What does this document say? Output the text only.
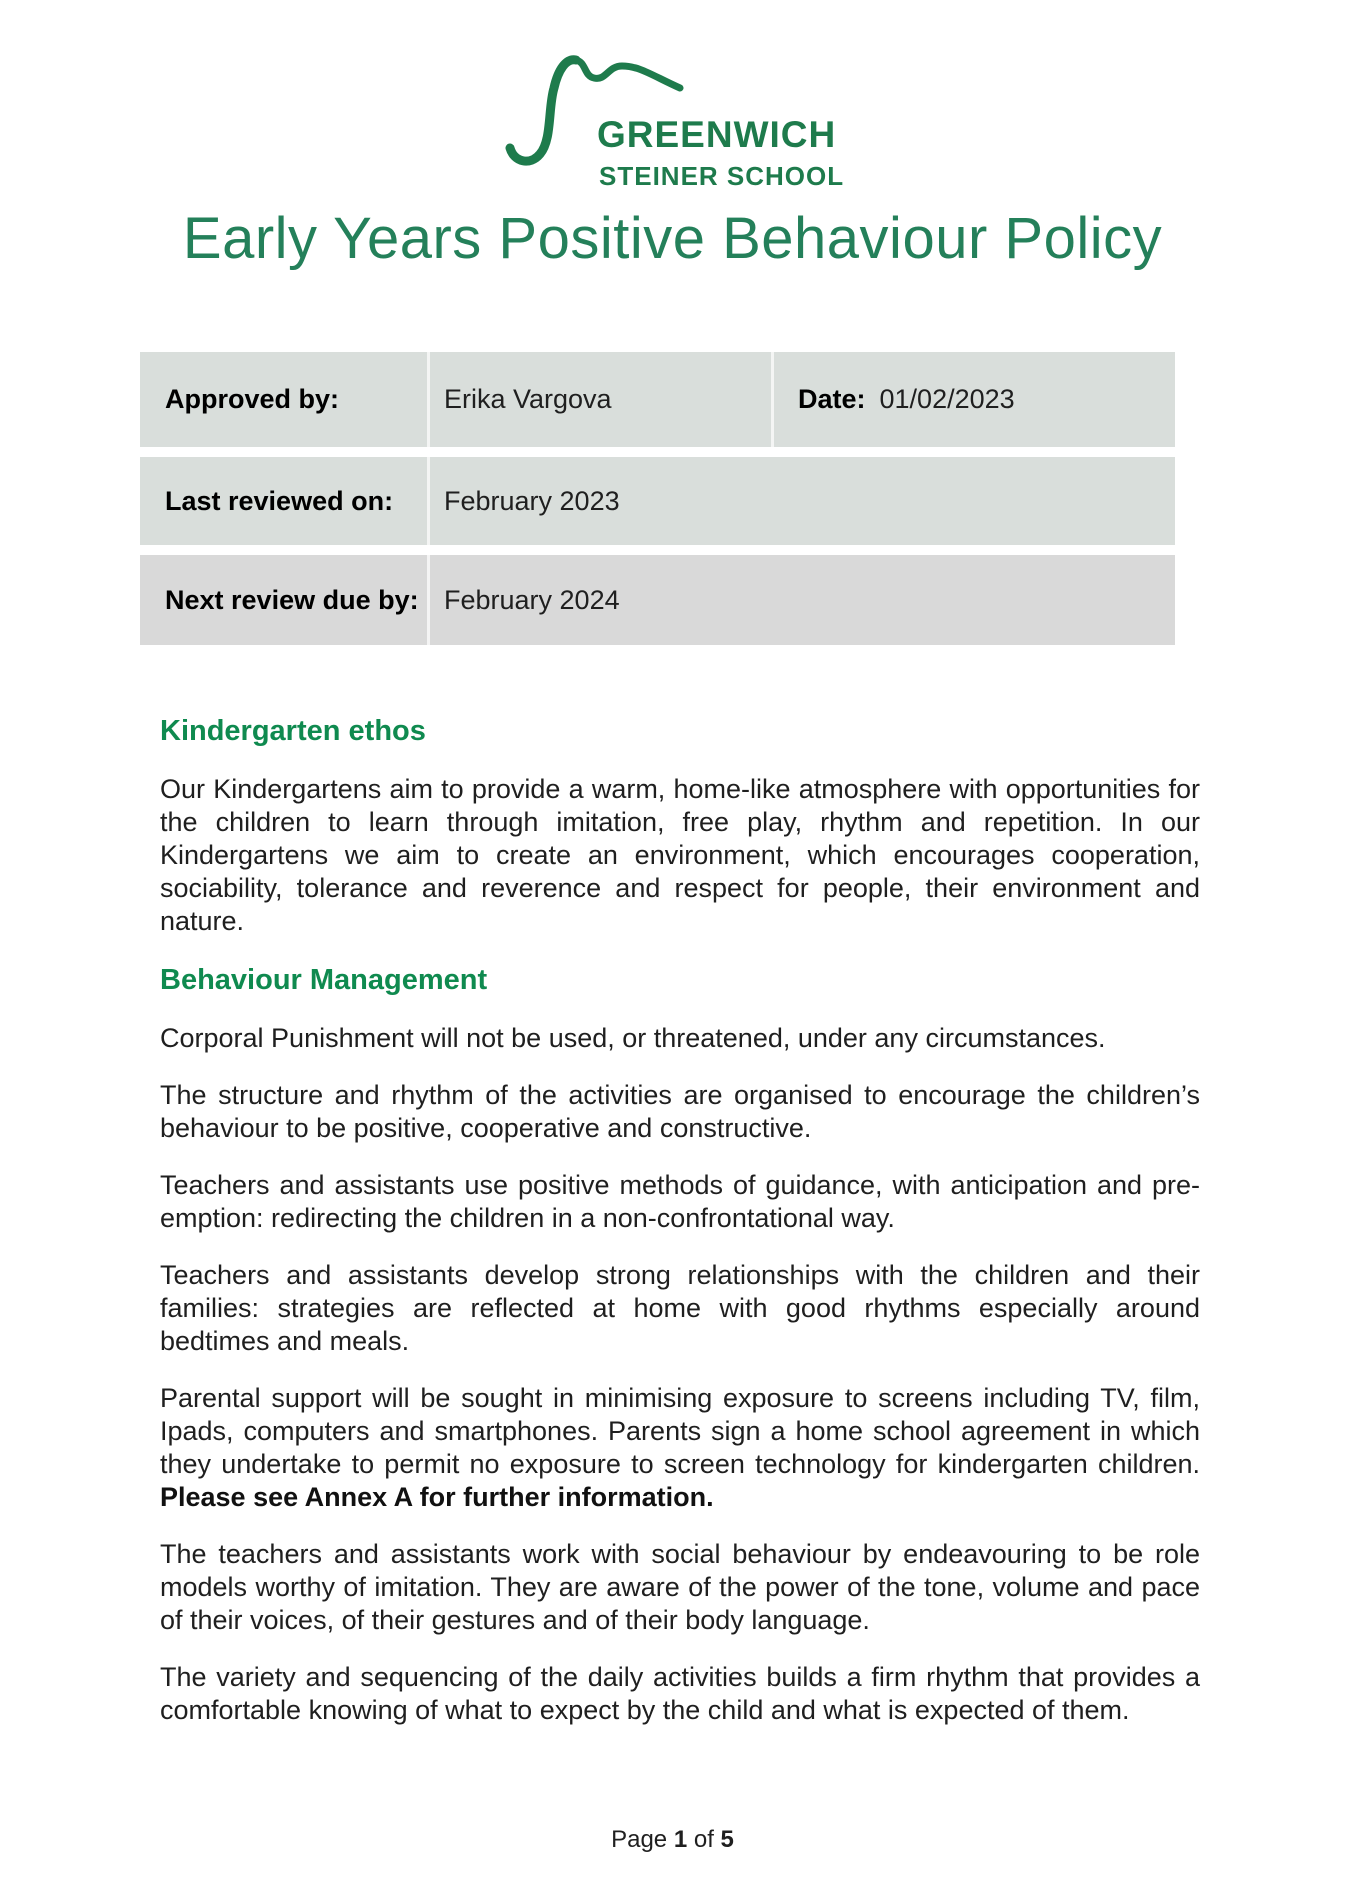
GREENWICH
STEINER SCHOOL
Early Years Positive Behaviour Policy
Approved by:	Erika Vargova	Date: 01/02/2023
Last reviewed on:	February 2023
Next review due by: February 2024
Kindergarten ethos

Our Kindergartens aim to provide a warm, home-like atmosphere with opportunities for the children to learn through imitation, free play, rhythm and repetition. In our Kindergartens we aim to create an environment, which encourages cooperation, sociability, tolerance and reverence and respect for people, their environment and nature.

Behaviour Management

Corporal Punishment will not be used, or threatened, under any circumstances.

The structure and rhythm of the activities are organised to encourage the children’s behaviour to be positive, cooperative and constructive.

Teachers and assistants use positive methods of guidance, with anticipation and pre-emption: redirecting the children in a non-confrontational way.

Teachers and assistants develop strong relationships with the children and their families: strategies are reflected at home with good rhythms especially around bedtimes and meals.

Parental support will be sought in minimising exposure to screens including TV, film, Ipads, computers and smartphones. Parents sign a home school agreement in which they undertake to permit no exposure to screen technology for kindergarten children. Please see Annex A for further information.

The teachers and assistants work with social behaviour by endeavouring to be role models worthy of imitation. They are aware of the power of the tone, volume and pace of their voices, of their gestures and of their body language.

The variety and sequencing of the daily activities builds a firm rhythm that provides a comfortable knowing of what to expect by the child and what is expected of them.

Page 1 of 5
